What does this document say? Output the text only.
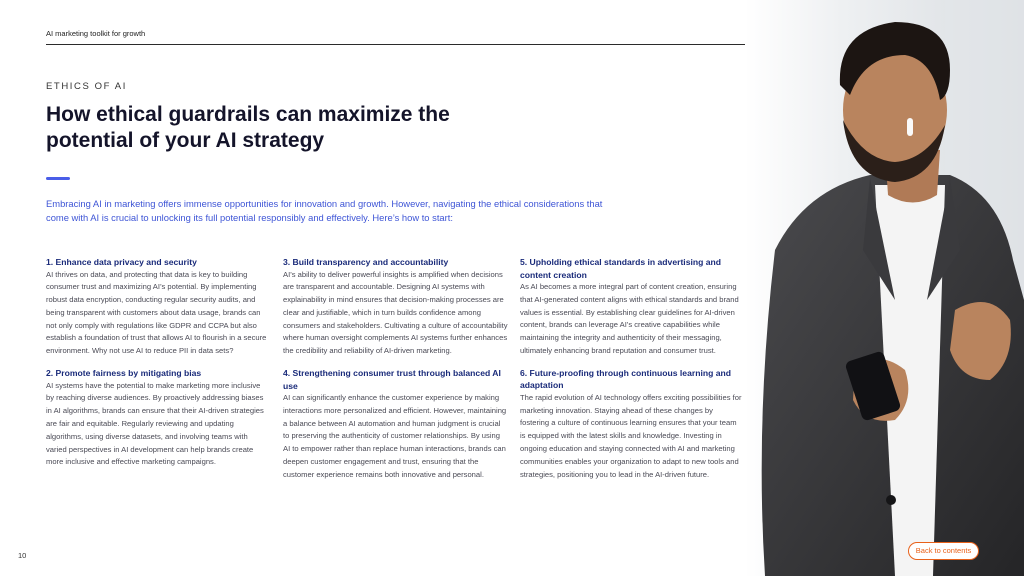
AI marketing toolkit for growth
ETHICS OF AI
How ethical guardrails can maximize the potential of your AI strategy

Embracing AI in marketing offers immense opportunities for innovation and growth. However, navigating the ethical considerations that come with AI is crucial to unlocking its full potential responsibly and effectively. Here’s how to start:

1. Enhance data privacy and security

AI thrives on data, and protecting that data is key to building consumer trust and maximizing AI’s potential. By implementing robust data encryption, conducting regular security audits, and being transparent with customers about data usage, brands can not only comply with regulations like GDPR and CCPA but also establish a foundation of trust that allows AI to flourish in a secure environment. Why not use AI to reduce PII in data sets?

2. Promote fairness by mitigating bias

AI systems have the potential to make marketing more inclusive by reaching diverse audiences. By proactively addressing biases in AI algorithms, brands can ensure that their AI-driven strategies are fair and equitable. Regularly reviewing and updating algorithms, using diverse datasets, and involving teams with varied perspectives in AI development can help brands create more inclusive and effective marketing campaigns.

3. Build transparency and accountability

AI’s ability to deliver powerful insights is amplified when decisions are transparent and accountable. Designing AI systems with explainability in mind ensures that decision-making processes are clear and justifiable, which in turn builds confidence among consumers and stakeholders. Cultivating a culture of accountability where human oversight complements AI systems further enhances the credibility and reliability of AI-driven marketing.

4. Strengthening consumer trust through balanced AI use

AI can significantly enhance the customer experience by making interactions more personalized and efficient. However, maintaining a balance between AI automation and human judgment is crucial to preserving the authenticity of customer relationships. By using AI to empower rather than replace human interactions, brands can deepen customer engagement and trust, ensuring that the customer experience remains both innovative and personal.

5. Upholding ethical standards in advertising and content creation

As AI becomes a more integral part of content creation, ensuring that AI-generated content aligns with ethical standards and brand values is essential. By establishing clear guidelines for AI-driven content, brands can leverage AI’s creative capabilities while maintaining the integrity and authenticity of their messaging, ultimately enhancing brand reputation and consumer trust.

6. Future-proofing through continuous learning and adaptation

The rapid evolution of AI technology offers exciting possibilities for marketing innovation. Staying ahead of these changes by fostering a culture of continuous learning ensures that your team is equipped with the latest skills and knowledge. Investing in ongoing education and staying connected with AI and marketing communities enables your organization to adapt to new tools and strategies, positioning you to lead in the AI-driven future.

10
Back to contents
